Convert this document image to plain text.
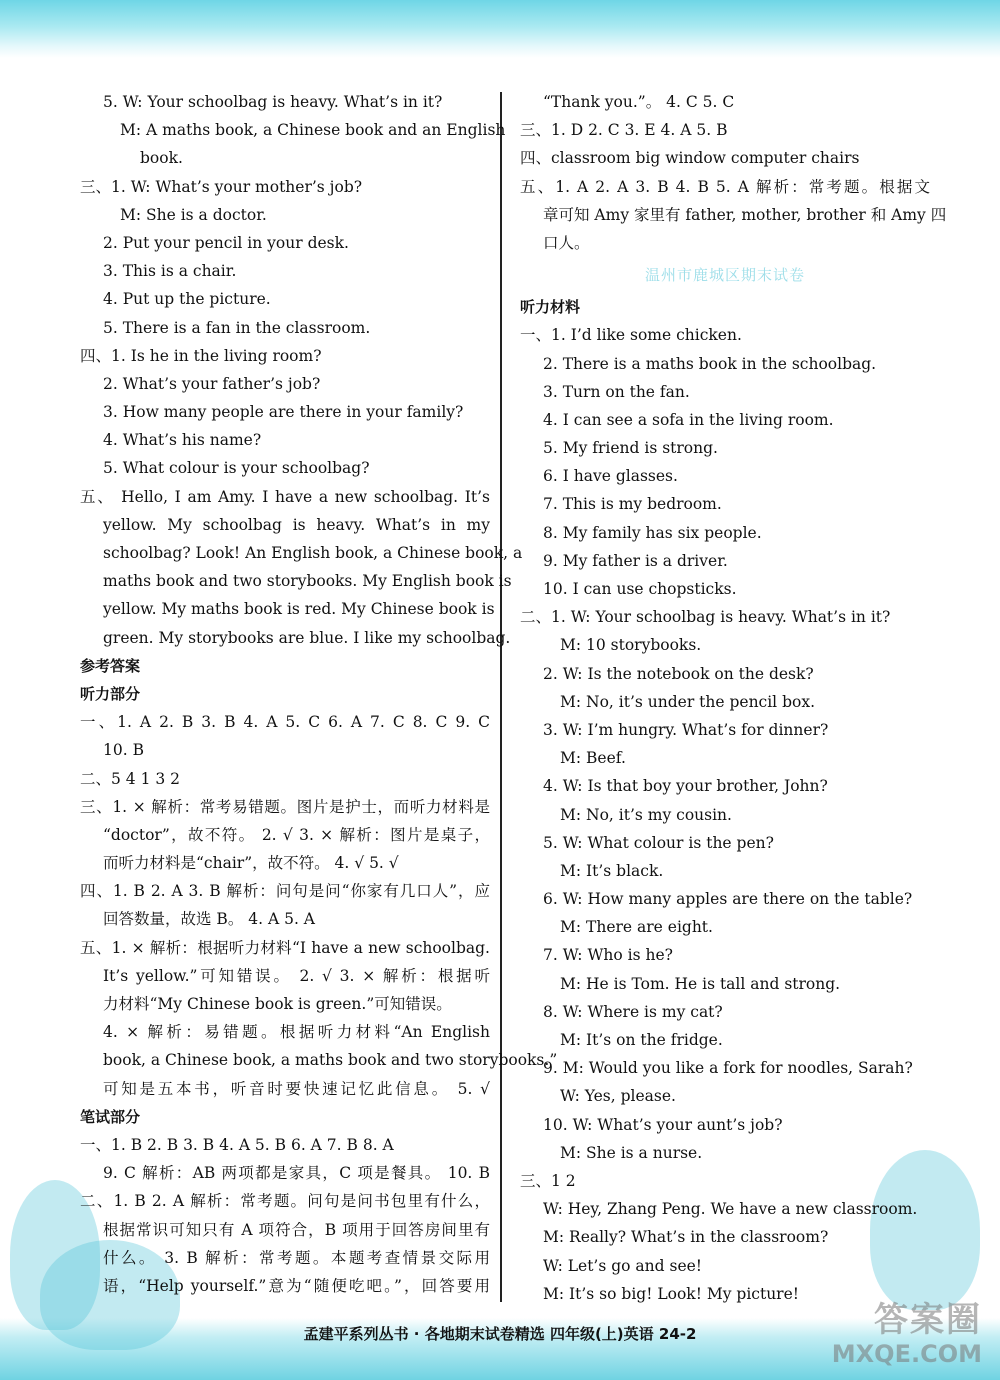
5. W: Your schoolbag is heavy. What’s in it?
M: A maths book, a Chinese book and an English
book.
三、1. W: What’s your mother’s job?
M: She is a doctor.
2. Put your pencil in your desk.
3. This is a chair.
4. Put up the picture.
5. There is a fan in the classroom.
四、1. Is he in the living room?
2. What’s your father’s job?
3. How many people are there in your family?
4. What’s his name?
5. What colour is your schoolbag?
五、 Hello, I am Amy. I have a new schoolbag. It’s
yellow. My schoolbag is heavy. What’s in my
schoolbag? Look! An English book, a Chinese book, a
maths book and two storybooks. My English book is
yellow. My maths book is red. My Chinese book is
green. My storybooks are blue. I like my schoolbag.
参考答案
听力部分
一、1. A 2. B 3. B 4. A 5. C 6. A 7. C 8. C 9. C
10. B
二、5 4 1 3 2
三、1. × 解析：常考易错题。图片是护士，而听力材料是
“doctor”，故不符。 2. √ 3. × 解析：图片是桌子，
而听力材料是“chair”，故不符。 4. √ 5. √
四、1. B 2. A 3. B 解析：问句是问“你家有几口人”，应
回答数量，故选 B。 4. A 5. A
五、1. × 解析：根据听力材料“I have a new schoolbag.
It’s yellow.”可知错误。 2. √ 3. × 解析：根据听
力材料“My Chinese book is green.”可知错误。
4. × 解析：易错题。根据听力材料“An English
book, a Chinese book, a maths book and two storybooks.”
可知是五本书，听音时要快速记忆此信息。 5. √
笔试部分
一、1. B 2. B 3. B 4. A 5. B 6. A 7. B 8. A
9. C 解析：AB 两项都是家具，C 项是餐具。 10. B
二、1. B 2. A 解析：常考题。问句是问书包里有什么，
根据常识可知只有 A 项符合，B 项用于回答房间里有
什么。 3. B 解析：常考题。本题考查情景交际用
语，“Help yourself.”意为“随便吃吧。”，回答要用
“Thank you.”。 4. C 5. C
三、1. D 2. C 3. E 4. A 5. B
四、classroom big window computer chairs
五、1. A 2. A 3. B 4. B 5. A 解析：常考题。根据文
章可知 Amy 家里有 father, mother, brother 和 Amy 四
口人。
温州市鹿城区期末试卷
听力材料
一、1. I’d like some chicken.
2. There is a maths book in the schoolbag.
3. Turn on the fan.
4. I can see a sofa in the living room.
5. My friend is strong.
6. I have glasses.
7. This is my bedroom.
8. My family has six people.
9. My father is a driver.
10. I can use chopsticks.
二、1. W: Your schoolbag is heavy. What’s in it?
M: 10 storybooks.
2. W: Is the notebook on the desk?
M: No, it’s under the pencil box.
3. W: I’m hungry. What’s for dinner?
M: Beef.
4. W: Is that boy your brother, John?
M: No, it’s my cousin.
5. W: What colour is the pen?
M: It’s black.
6. W: How many apples are there on the table?
M: There are eight.
7. W: Who is he?
M: He is Tom. He is tall and strong.
8. W: Where is my cat?
M: It’s on the fridge.
9. M: Would you like a fork for noodles, Sarah?
W: Yes, please.
10. W: What’s your aunt’s job?
M: She is a nurse.
三、1 2
W: Hey, Zhang Peng. We have a new classroom.
M: Really? What’s in the classroom?
W: Let’s go and see!
M: It’s so big! Look! My picture!
孟建平系列丛书 · 各地期末试卷精选 四年级(上)英语 24-2	答案圈
MXQE.COM
